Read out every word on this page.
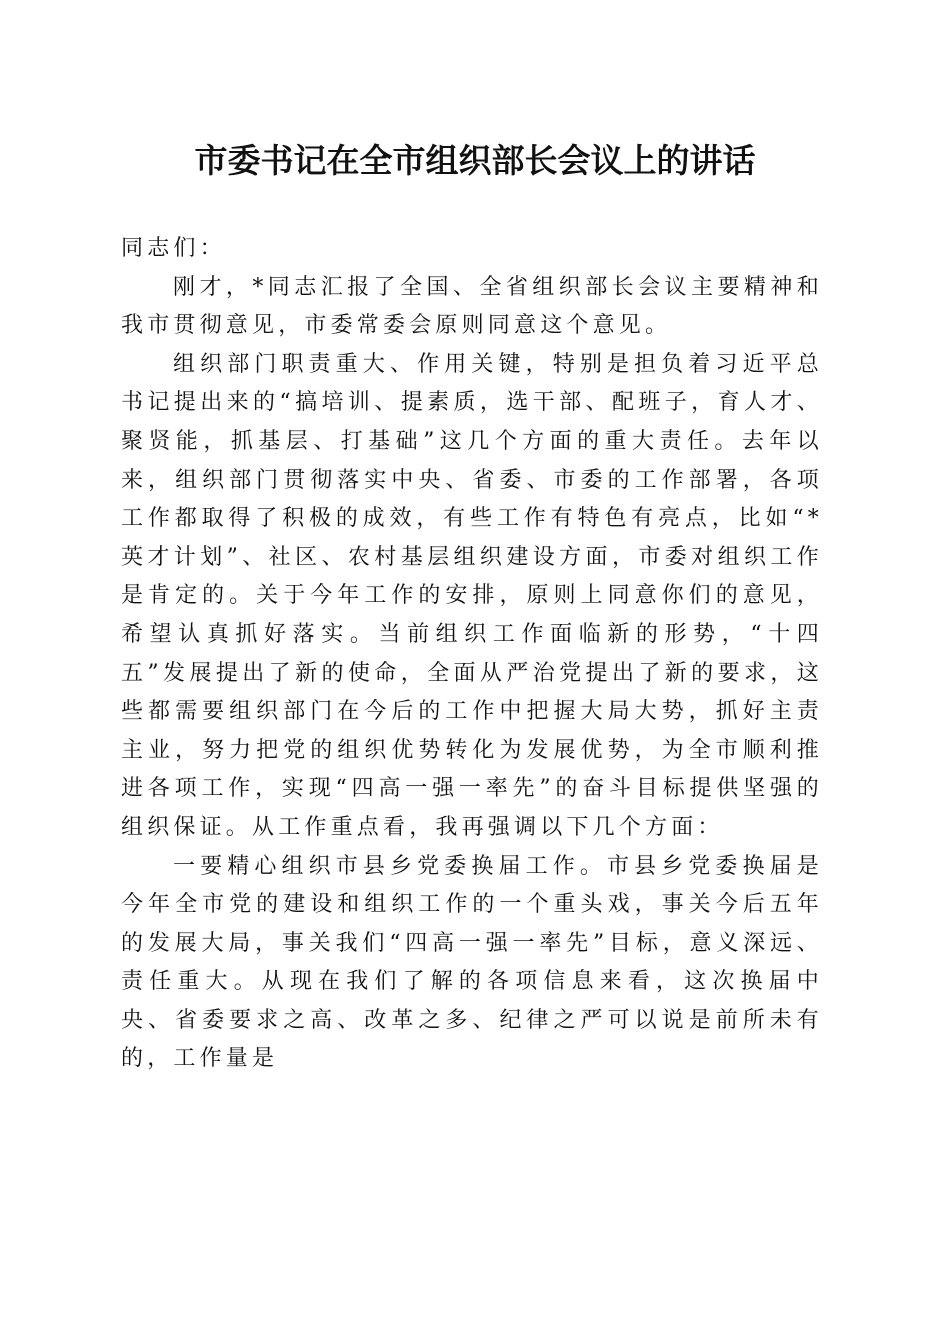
市委书记在全市组织部长会议上的讲话

同志们：

刚才，*同志汇报了全国、全省组织部长会议主要精神和我市贯彻意见，市委常委会原则同意这个意见。

组织部门职责重大、作用关键，特别是担负着习近平总书记提出来的“搞培训、提素质，选干部、配班子，育人才、聚贤能，抓基层、打基础”这几个方面的重大责任。去年以来，组织部门贯彻落实中央、省委、市委的工作部署，各项工作都取得了积极的成效，有些工作有特色有亮点，比如“*英才计划”、社区、农村基层组织建设方面，市委对组织工作是肯定的。关于今年工作的安排，原则上同意你们的意见，希望认真抓好落实。当前组织工作面临新的形势，“十四五”发展提出了新的使命，全面从严治党提出了新的要求，这些都需要组织部门在今后的工作中把握大局大势，抓好主责主业，努力把党的组织优势转化为发展优势，为全市顺利推进各项工作，实现“四高一强一率先”的奋斗目标提供坚强的组织保证。从工作重点看，我再强调以下几个方面：

一要精心组织市县乡党委换届工作。市县乡党委换届是今年全市党的建设和组织工作的一个重头戏，事关今后五年的发展大局，事关我们“四高一强一率先”目标，意义深远、责任重大。从现在我们了解的各项信息来看，这次换届中央、省委要求之高、改革之多、纪律之严可以说是前所未有的，工作量是
